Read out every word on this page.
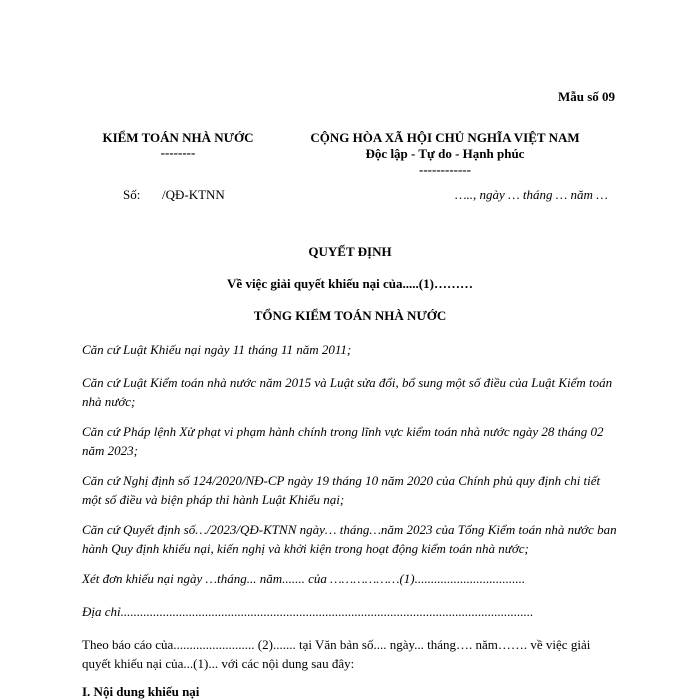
Mẫu số 09
KIỂM TOÁN NHÀ NƯỚC
--------
CỘNG HÒA XÃ HỘI CHỦ NGHĨA VIỆT NAM
Độc lập - Tự do - Hạnh phúc
------------
Số: /QĐ-KTNN	….., ngày … tháng … năm …
QUYẾT ĐỊNH
Về việc giải quyết khiếu nại của.....(1)………
TỔNG KIỂM TOÁN NHÀ NƯỚC
Căn cứ Luật Khiếu nại ngày 11 tháng 11 năm 2011;
Căn cứ Luật Kiểm toán nhà nước năm 2015 và Luật sửa đổi, bổ sung một số điều của Luật Kiểm toán nhà nước;
Căn cứ Pháp lệnh Xử phạt vi phạm hành chính trong lĩnh vực kiểm toán nhà nước ngày 28 tháng 02 năm 2023;
Căn cứ Nghị định số 124/2020/NĐ-CP ngày 19 tháng 10 năm 2020 của Chính phủ quy định chi tiết một số điều và biện pháp thi hành Luật Khiếu nại;
Căn cứ Quyết định số…/2023/QĐ-KTNN ngày… tháng…năm 2023 của Tổng Kiểm toán nhà nước ban hành Quy định khiếu nại, kiến nghị và khởi kiện trong hoạt động kiểm toán nhà nước;
Xét đơn khiếu nại ngày …tháng... năm....... của ………………(1)..................................
Địa chỉ...............................................................................................................................
Theo báo cáo của......................... (2)....... tại Văn bản số.... ngày... tháng…. năm……. về việc giải quyết khiếu nại của...(1)... với các nội dung sau đây:
I. Nội dung khiếu nại
